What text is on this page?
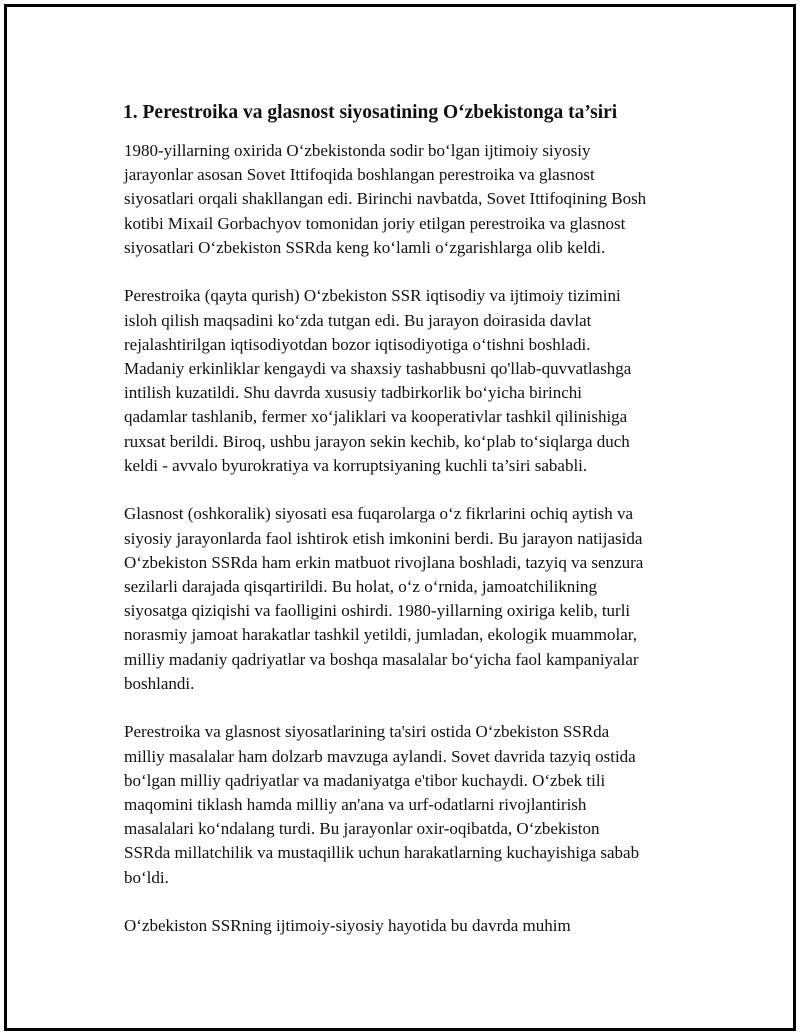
1. Perestroika va glasnost siyosatining O‘zbekistonga ta’siri

1980-yillarning oxirida O‘zbekistonda sodir bo‘lgan ijtimoiy siyosiy
jarayonlar asosan Sovet Ittifoqida boshlangan perestroika va glasnost
siyosatlari orqali shakllangan edi. Birinchi navbatda, Sovet Ittifoqining Bosh
kotibi Mixail Gorbachyov tomonidan joriy etilgan perestroika va glasnost
siyosatlari O‘zbekiston SSRda keng ko‘lamli o‘zgarishlarga olib keldi.

Perestroika (qayta qurish) O‘zbekiston SSR iqtisodiy va ijtimoiy tizimini
isloh qilish maqsadini ko‘zda tutgan edi. Bu jarayon doirasida davlat
rejalashtirilgan iqtisodiyotdan bozor iqtisodiyotiga o‘tishni boshladi.
Madaniy erkinliklar kengaydi va shaxsiy tashabbusni qo'llab-quvvatlashga
intilish kuzatildi. Shu davrda xususiy tadbirkorlik bo‘yicha birinchi
qadamlar tashlanib, fermer xo‘jaliklari va kooperativlar tashkil qilinishiga
ruxsat berildi. Biroq, ushbu jarayon sekin kechib, ko‘plab to‘siqlarga duch
keldi - avvalo byurokratiya va korruptsiyaning kuchli ta’siri sababli.

Glasnost (oshkoralik) siyosati esa fuqarolarga o‘z fikrlarini ochiq aytish va
siyosiy jarayonlarda faol ishtirok etish imkonini berdi. Bu jarayon natijasida
O‘zbekiston SSRda ham erkin matbuot rivojlana boshladi, tazyiq va senzura
sezilarli darajada qisqartirildi. Bu holat, o‘z o‘rnida, jamoatchilikning
siyosatga qiziqishi va faolligini oshirdi. 1980-yillarning oxiriga kelib, turli
norasmiy jamoat harakatlar tashkil yetildi, jumladan, ekologik muammolar,
milliy madaniy qadriyatlar va boshqa masalalar bo‘yicha faol kampaniyalar
boshlandi.

Perestroika va glasnost siyosatlarining ta'siri ostida O‘zbekiston SSRda
milliy masalalar ham dolzarb mavzuga aylandi. Sovet davrida tazyiq ostida
bo‘lgan milliy qadriyatlar va madaniyatga e'tibor kuchaydi. O‘zbek tili
maqomini tiklash hamda milliy an'ana va urf-odatlarni rivojlantirish
masalalari ko‘ndalang turdi. Bu jarayonlar oxir-oqibatda, O‘zbekiston
SSRda millatchilik va mustaqillik uchun harakatlarning kuchayishiga sabab
bo‘ldi.

O‘zbekiston SSRning ijtimoiy-siyosiy hayotida bu davrda muhim
